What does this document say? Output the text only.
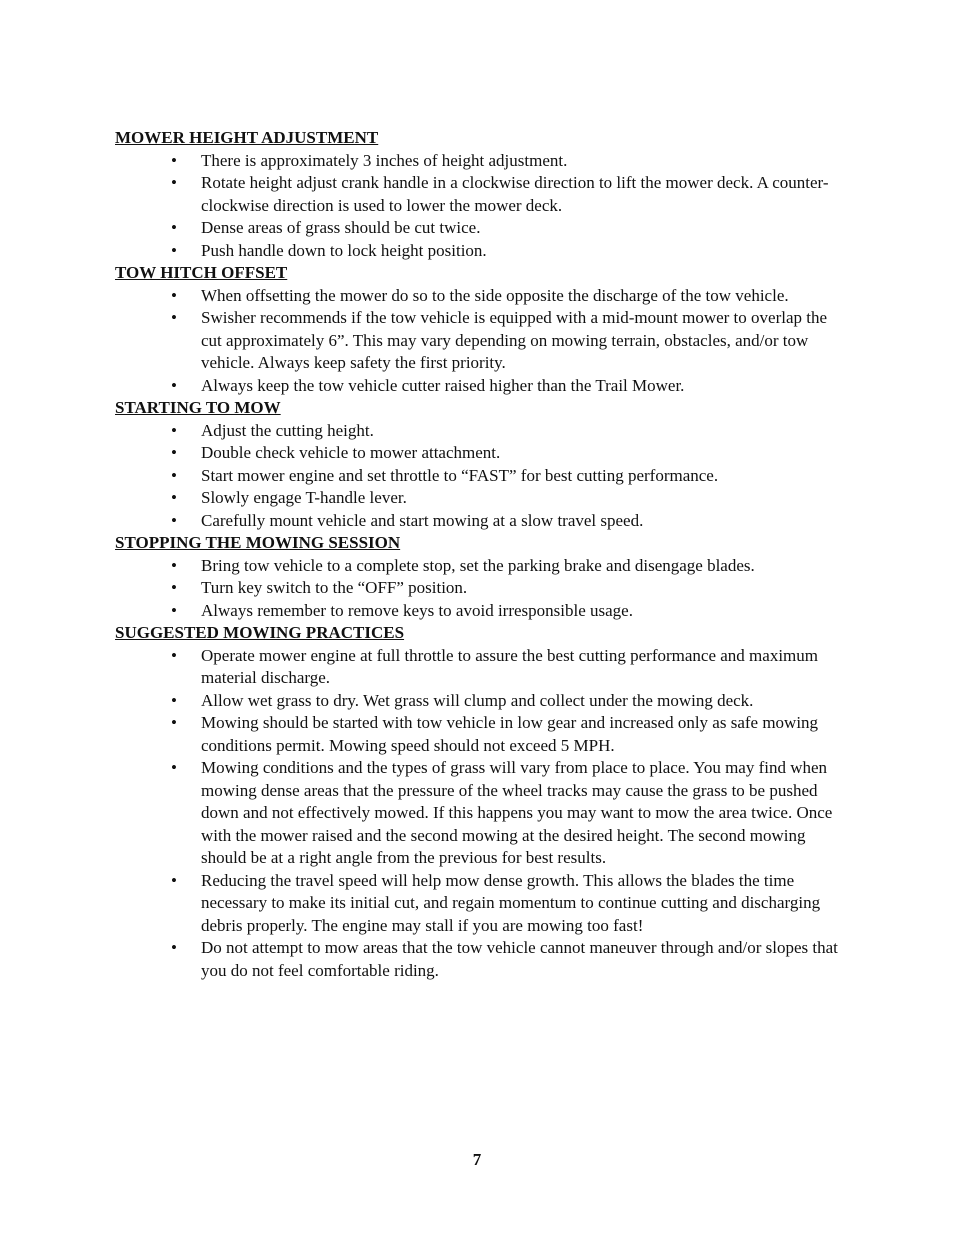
MOWER HEIGHT ADJUSTMENT
• There is approximately 3 inches of height adjustment.
• Rotate height adjust crank handle in a clockwise direction to lift the mower deck. A counter-clockwise direction is used to lower the mower deck.
• Dense areas of grass should be cut twice.
• Push handle down to lock height position.
TOW HITCH OFFSET
• When offsetting the mower do so to the side opposite the discharge of the tow vehicle.
• Swisher recommends if the tow vehicle is equipped with a mid-mount mower to overlap the cut approximately 6”. This may vary depending on mowing terrain, obstacles, and/or tow vehicle. Always keep safety the first priority.
• Always keep the tow vehicle cutter raised higher than the Trail Mower.
STARTING TO MOW
• Adjust the cutting height.
• Double check vehicle to mower attachment.
• Start mower engine and set throttle to “FAST” for best cutting performance.
• Slowly engage T-handle lever.
• Carefully mount vehicle and start mowing at a slow travel speed.
STOPPING THE MOWING SESSION
• Bring tow vehicle to a complete stop, set the parking brake and disengage blades.
• Turn key switch to the “OFF” position.
• Always remember to remove keys to avoid irresponsible usage.
SUGGESTED MOWING PRACTICES
• Operate mower engine at full throttle to assure the best cutting performance and maximum material discharge.
• Allow wet grass to dry. Wet grass will clump and collect under the mowing deck.
• Mowing should be started with tow vehicle in low gear and increased only as safe mowing conditions permit. Mowing speed should not exceed 5 MPH.
• Mowing conditions and the types of grass will vary from place to place. You may find when mowing dense areas that the pressure of the wheel tracks may cause the grass to be pushed down and not effectively mowed. If this happens you may want to mow the area twice. Once with the mower raised and the second mowing at the desired height. The second mowing should be at a right angle from the previous for best results.
• Reducing the travel speed will help mow dense growth. This allows the blades the time necessary to make its initial cut, and regain momentum to continue cutting and discharging debris properly. The engine may stall if you are mowing too fast!
• Do not attempt to mow areas that the tow vehicle cannot maneuver through and/or slopes that you do not feel comfortable riding.
7
